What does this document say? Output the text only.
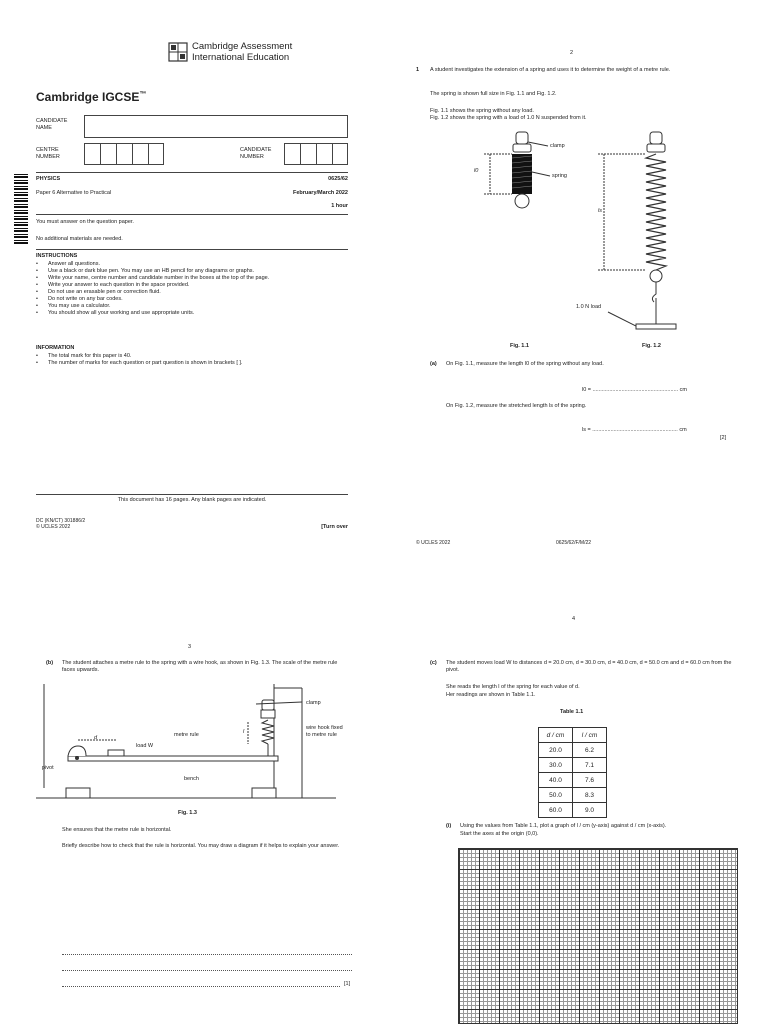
Cambridge Assessment
International Education
Cambridge IGCSE™
CANDIDATE NAME
CENTRE NUMBER
CANDIDATE NUMBER
PHYSICS	0625/62
Paper 6 Alternative to Practical	February/March 2022
1 hour
You must answer on the question paper.
No additional materials are needed.
INSTRUCTIONS
• Answer all questions.
• Use a black or dark blue pen. You may use an HB pencil for any diagrams or graphs.
• Write your name, centre number and candidate number in the boxes at the top of the page.
• Write your answer to each question in the space provided.
• Do not use an erasable pen or correction fluid.
• Do not write on any bar codes.
• You may use a calculator.
• You should show all your working and use appropriate units.
INFORMATION
• The total mark for this paper is 40.
• The number of marks for each question or part question is shown in brackets [ ].
This document has 16 pages. Any blank pages are indicated.
DC (KN/CT) 301886/2
© UCLES 2022	[Turn over
2
1 A student investigates the extension of a spring and uses it to determine the weight of a metre rule.
The spring is shown full size in Fig. 1.1 and Fig. 1.2.
Fig. 1.1 shows the spring without any load.
Fig. 1.2 shows the spring with a load of 1.0 N suspended from it.
l0
clamp
spring
ls
1.0 N load
Fig. 1.1	Fig. 1.2
(a) On Fig. 1.1, measure the length l0 of the spring without any load.
l0 = ........................................................ cm
On Fig. 1.2, measure the stretched length ls of the spring.
ls = ........................................................ cm
[2]
© UCLES 2022	0625/62/F/M/22
3
(b) The student attaches a metre rule to the spring with a wire hook, as shown in Fig. 1.3. The scale of the metre rule faces upwards.
clamp
wire hook fixed to metre rule
metre rule
load W
d
l
pivot
bench
Fig. 1.3
She ensures that the metre rule is horizontal.
Briefly describe how to check that the rule is horizontal. You may draw a diagram if it helps to explain your answer.
[1]
4
(c) The student moves load W to distances d = 20.0 cm, d = 30.0 cm, d = 40.0 cm, d = 50.0 cm and d = 60.0 cm from the pivot.
She reads the length l of the spring for each value of d.
Her readings are shown in Table 1.1.
Table 1.1
d / cm	l / cm
20.0	6.2
30.0	7.1
40.0	7.6
50.0	8.3
60.0	9.0
(i) Using the values from Table 1.1, plot a graph of l / cm (y-axis) against d / cm (x-axis).
Start the axes at the origin (0,0).
